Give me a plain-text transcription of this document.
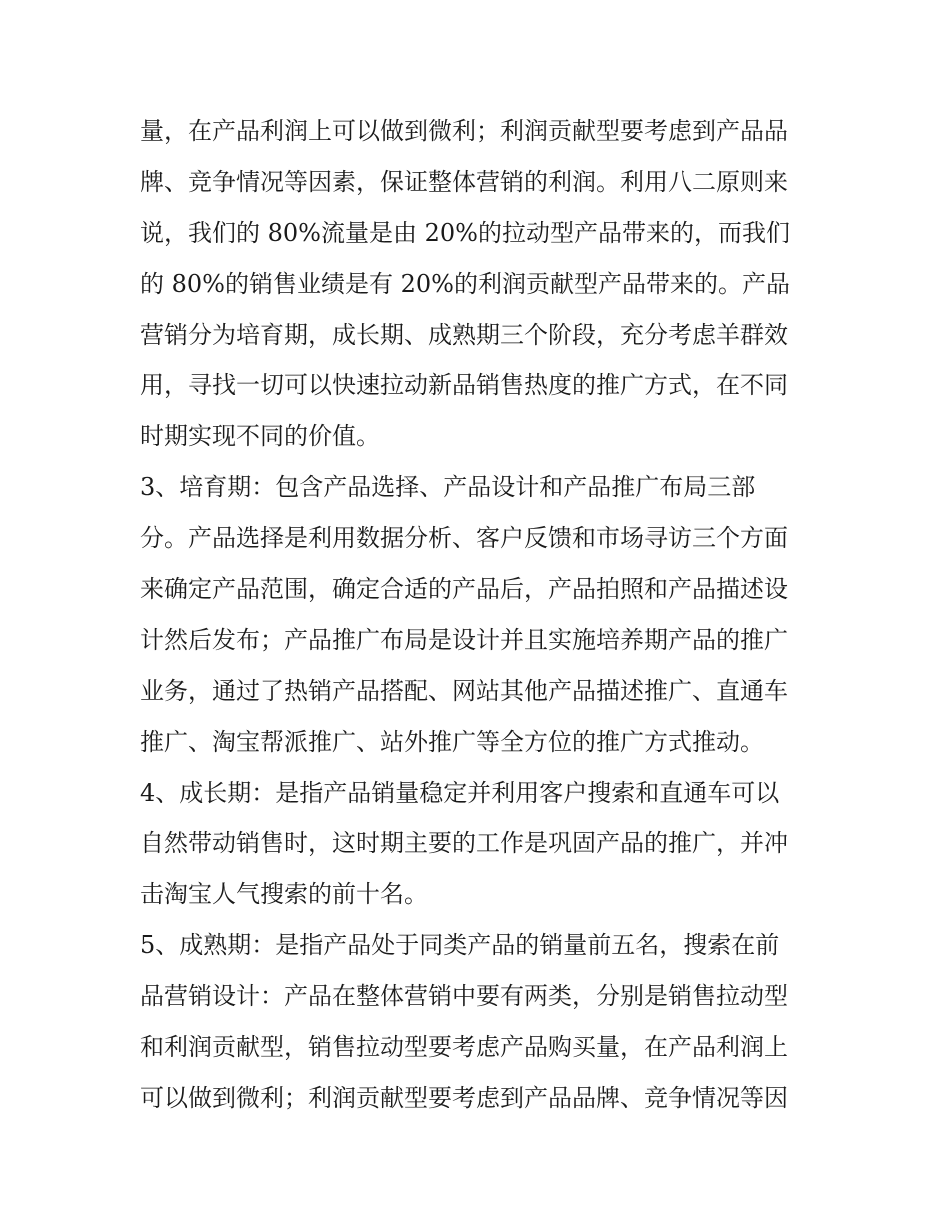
量，在产品利润上可以做到微利；利润贡献型要考虑到产品品
牌、竞争情况等因素，保证整体营销的利润。利用八二原则来
说，我们的 80%流量是由 20%的拉动型产品带来的，而我们
的 80%的销售业绩是有 20%的利润贡献型产品带来的。产品
营销分为培育期，成长期、成熟期三个阶段，充分考虑羊群效
用，寻找一切可以快速拉动新品销售热度的推广方式，在不同
时期实现不同的价值。
3、培育期：包含产品选择、产品设计和产品推广布局三部
分。产品选择是利用数据分析、客户反馈和市场寻访三个方面
来确定产品范围，确定合适的产品后，产品拍照和产品描述设
计然后发布；产品推广布局是设计并且实施培养期产品的推广
业务，通过了热销产品搭配、网站其他产品描述推广、直通车
推广、淘宝帮派推广、站外推广等全方位的推广方式推动。
4、成长期：是指产品销量稳定并利用客户搜索和直通车可以
自然带动销售时，这时期主要的工作是巩固产品的推广，并冲
击淘宝人气搜索的前十名。
5、成熟期：是指产品处于同类产品的销量前五名，搜索在前
品营销设计：产品在整体营销中要有两类，分别是销售拉动型
和利润贡献型，销售拉动型要考虑产品购买量，在产品利润上
可以做到微利；利润贡献型要考虑到产品品牌、竞争情况等因
